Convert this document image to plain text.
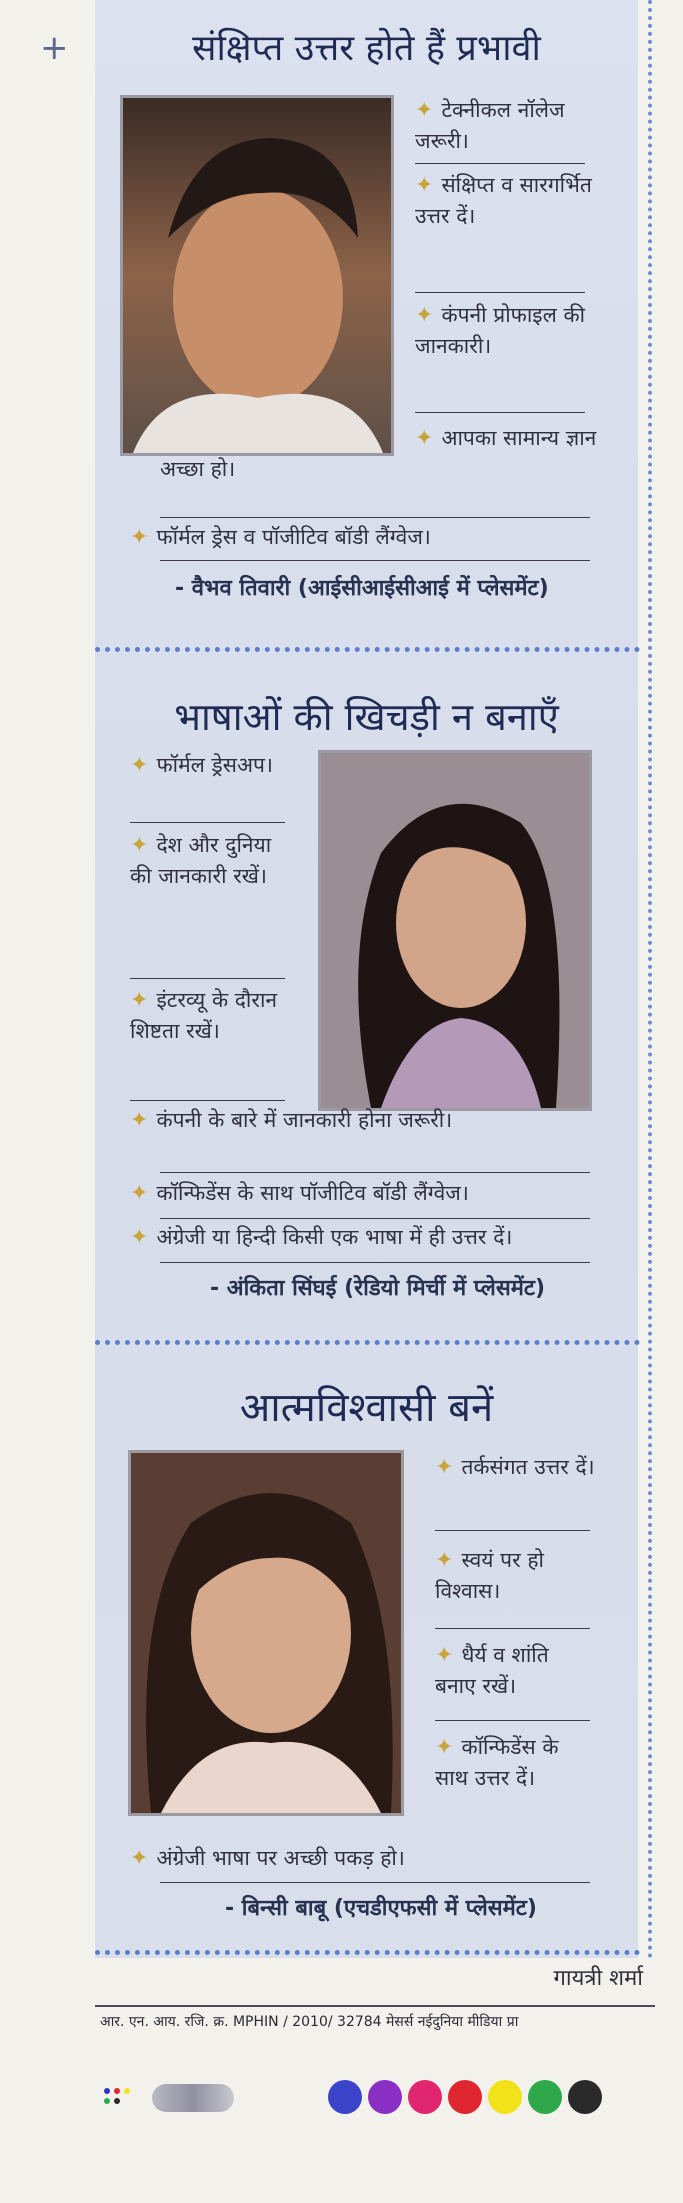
+	संक्षिप्त उत्तर होते हैं प्रभावी
✦ टेक्नीकल नॉलेज जरूरी।
✦ संक्षिप्त व सारगर्भित उत्तर दें।
✦ कंपनी प्रोफाइल की जानकारी।
✦ आपका सामान्य ज्ञान अच्छा हो।
✦ फॉर्मल ड्रेस व पॉजीटिव बॉडी लैंग्वेज।
- वैभव तिवारी (आईसीआईसीआई में प्लेसमेंट)
भाषाओं की खिचड़ी न बनाएँ
✦ फॉर्मल ड्रेसअप।
✦ देश और दुनिया की जानकारी रखें।
✦ इंटरव्यू के दौरान शिष्टता रखें।
✦ कंपनी के बारे में जानकारी होना जरूरी।
✦ कॉन्फिडेंस के साथ पॉजीटिव बॉडी लैंग्वेज।
✦ अंग्रेजी या हिन्दी किसी एक भाषा में ही उत्तर दें।
- अंकिता सिंघई (रेडियो मिर्ची में प्लेसमेंट)
आत्मविश्वासी बनें
✦ तर्कसंगत उत्तर दें।
✦ स्वयं पर हो विश्वास।
✦ धैर्य व शांति बनाए रखें।
✦ कॉन्फिडेंस के साथ उत्तर दें।
✦ अंग्रेजी भाषा पर अच्छी पकड़ हो।
- बिन्सी बाबू (एचडीएफसी में प्लेसमेंट)
गायत्री शर्मा
आर. एन. आय. रजि. क्र. MPHIN / 2010/ 32784 मेसर्स नईदुनिया मीडिया प्रा
